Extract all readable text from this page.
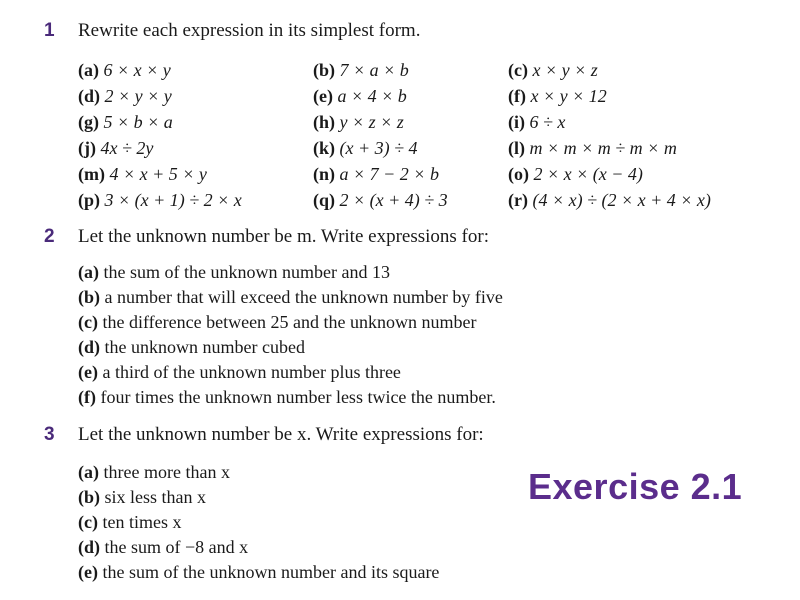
1 Rewrite each expression in its simplest form.
(a) 6 × x × y	(b) 7 × a × b	(c) x × y × z
(d) 2 × y × y	(e) a × 4 × b	(f) x × y × 12
(g) 5 × b × a	(h) y × z × z	(i) 6 ÷ x
(j) 4x ÷ 2y	(k) (x + 3) ÷ 4	(l) m × m × m ÷ m × m
(m) 4 × x + 5 × y	(n) a × 7 − 2 × b	(o) 2 × x × (x − 4)
(p) 3 × (x + 1) ÷ 2 × x	(q) 2 × (x + 4) ÷ 3	(r) (4 × x) ÷ (2 × x + 4 × x)
2 Let the unknown number be m. Write expressions for:
(a) the sum of the unknown number and 13
(b) a number that will exceed the unknown number by five
(c) the difference between 25 and the unknown number
(d) the unknown number cubed
(e) a third of the unknown number plus three
(f) four times the unknown number less twice the number.
3 Let the unknown number be x. Write expressions for:
(a) three more than x
(b) six less than x
(c) ten times x
(d) the sum of −8 and x
(e) the sum of the unknown number and its square
Exercise 2.1
